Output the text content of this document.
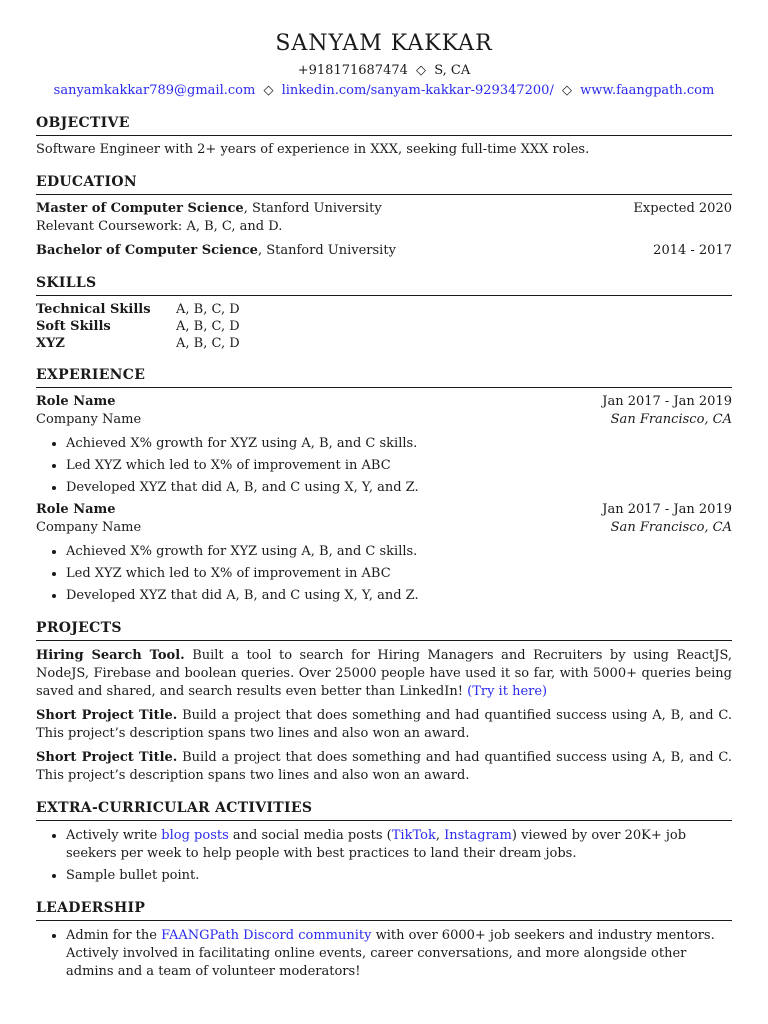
SANYAM KAKKAR
+918171687474 ◇ S, CA
sanyamkakkar789@gmail.com ◇ linkedin.com/sanyam-kakkar-929347200/ ◇ www.faangpath.com
OBJECTIVE
Software Engineer with 2+ years of experience in XXX, seeking full-time XXX roles.
EDUCATION
Master of Computer Science, Stanford University	Expected 2020
Relevant Coursework: A, B, C, and D.
Bachelor of Computer Science, Stanford University	2014 - 2017
SKILLS
Technical Skills	A, B, C, D
Soft Skills	A, B, C, D
XYZ	A, B, C, D
EXPERIENCE
Role Name	Jan 2017 - Jan 2019
Company Name	San Francisco, CA
• Achieved X% growth for XYZ using A, B, and C skills.
• Led XYZ which led to X% of improvement in ABC
• Developed XYZ that did A, B, and C using X, Y, and Z.
Role Name	Jan 2017 - Jan 2019
Company Name	San Francisco, CA
• Achieved X% growth for XYZ using A, B, and C skills.
• Led XYZ which led to X% of improvement in ABC
• Developed XYZ that did A, B, and C using X, Y, and Z.
PROJECTS
Hiring Search Tool. Built a tool to search for Hiring Managers and Recruiters by using ReactJS, NodeJS, Firebase and boolean queries. Over 25000 people have used it so far, with 5000+ queries being saved and shared, and search results even better than LinkedIn! (Try it here)
Short Project Title. Build a project that does something and had quantified success using A, B, and C. This project’s description spans two lines and also won an award.
Short Project Title. Build a project that does something and had quantified success using A, B, and C. This project’s description spans two lines and also won an award.
EXTRA-CURRICULAR ACTIVITIES
• Actively write blog posts and social media posts (TikTok, Instagram) viewed by over 20K+ job seekers per week to help people with best practices to land their dream jobs.
• Sample bullet point.
LEADERSHIP
• Admin for the FAANGPath Discord community with over 6000+ job seekers and industry mentors. Actively involved in facilitating online events, career conversations, and more alongside other admins and a team of volunteer moderators!
